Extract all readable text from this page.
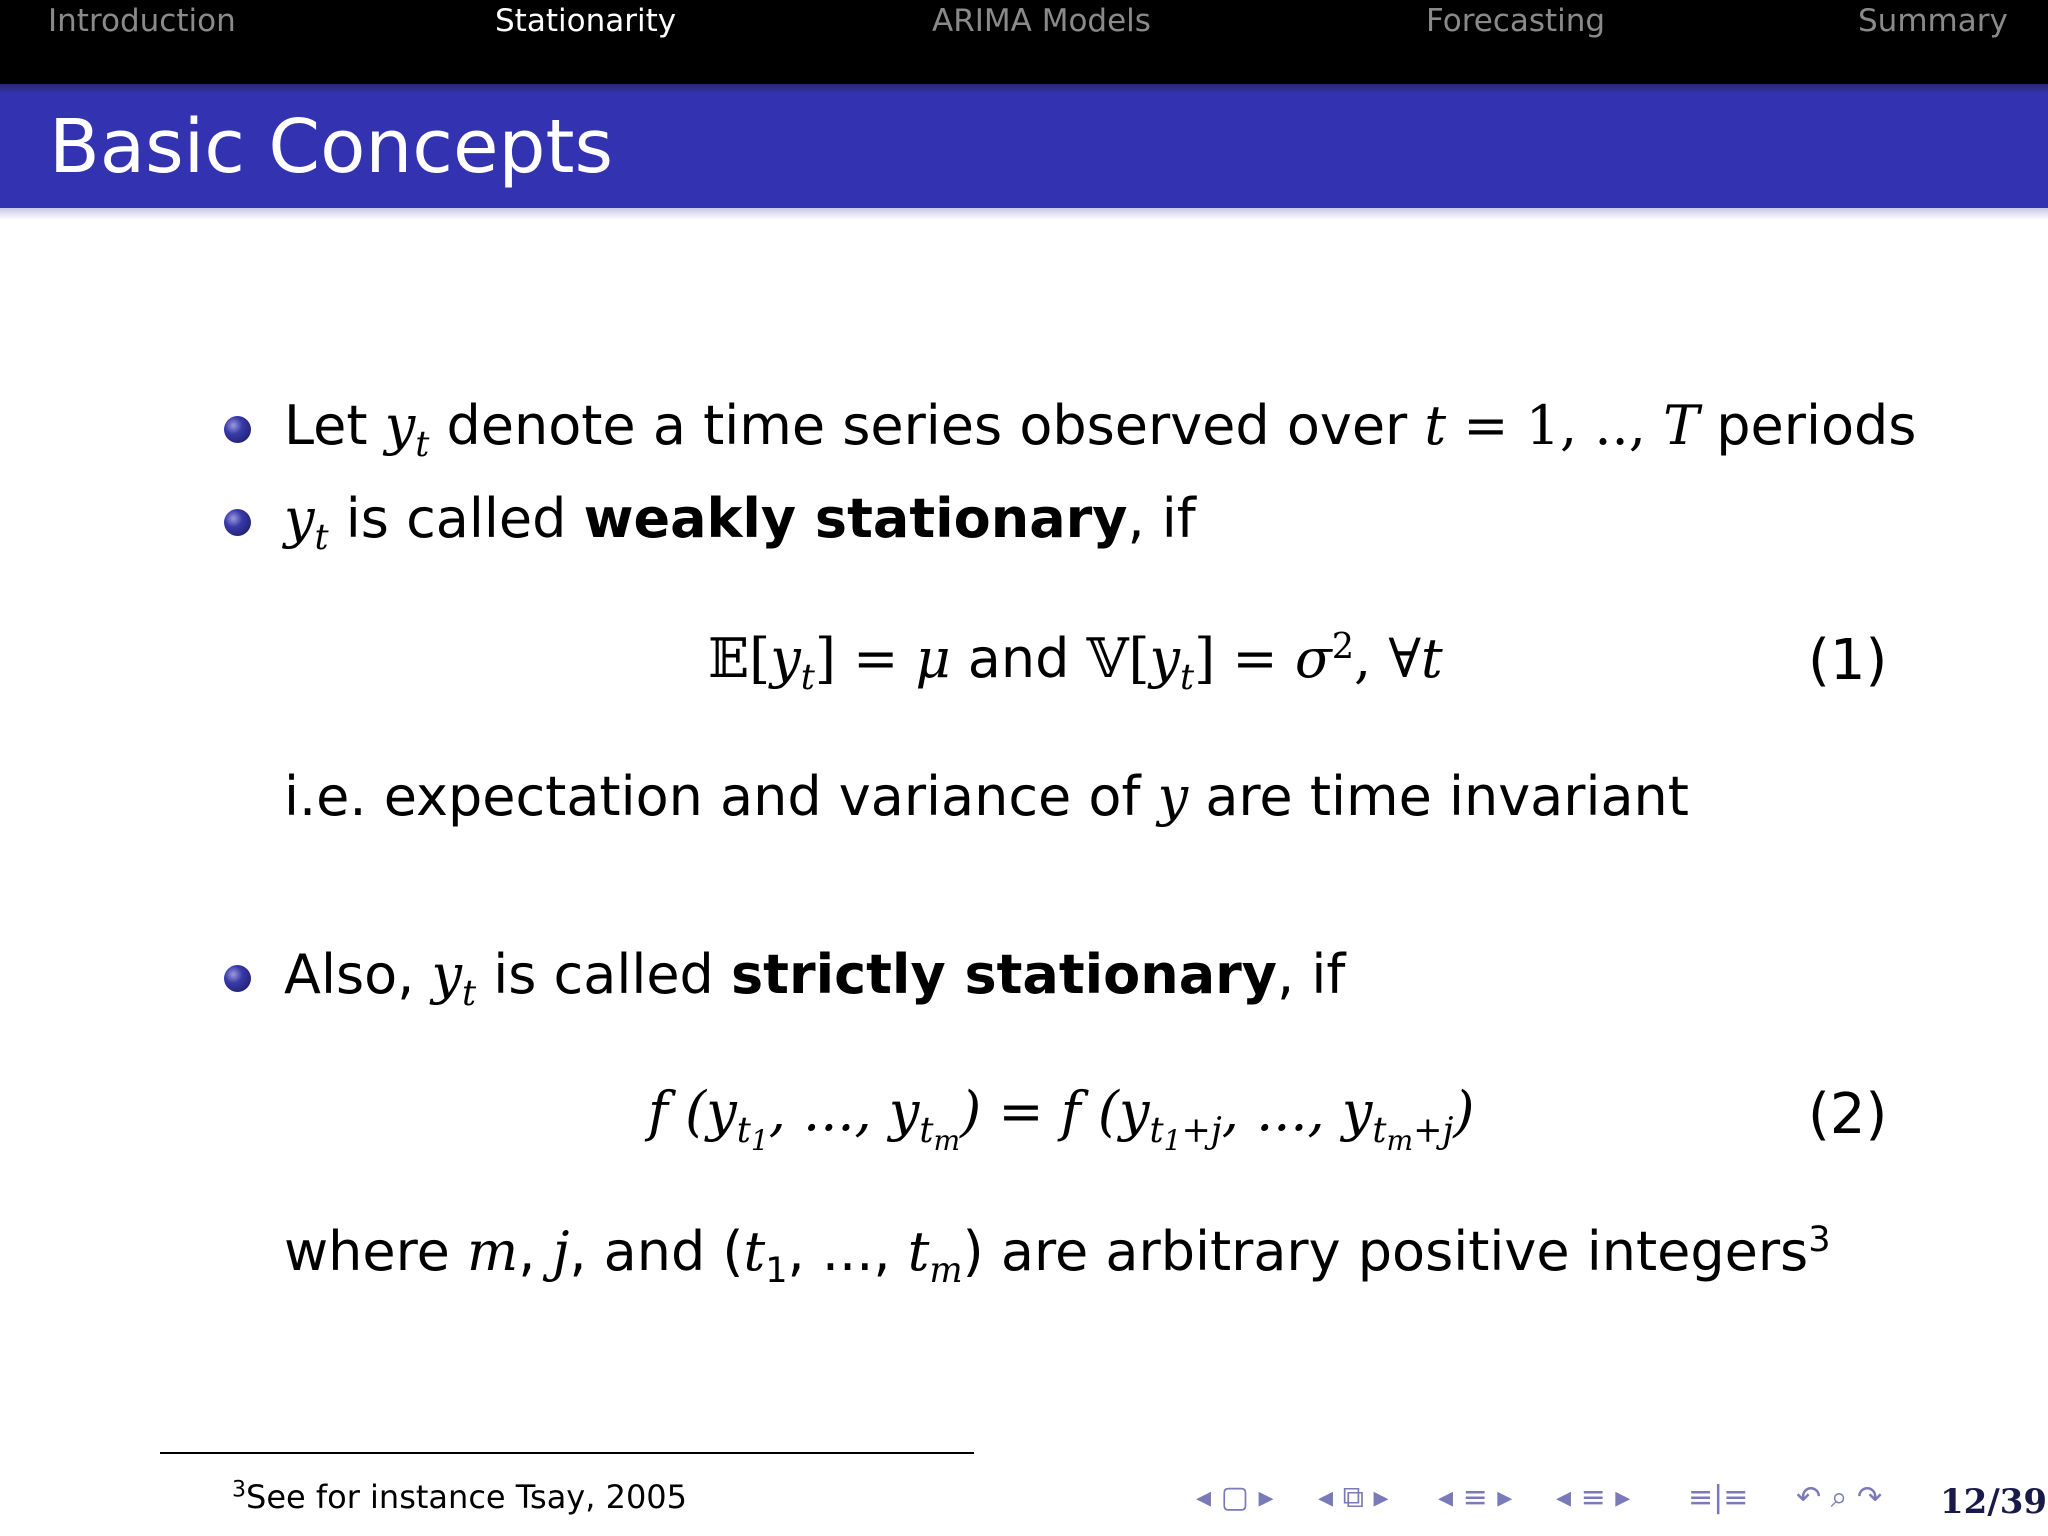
Introduction	Stationarity	ARIMA Models	Forecasting	Summary
Basic Concepts
Let $y_t$ denote a time series observed over t = 1, .., T periods
$y_t$ is called weakly stationary, if
$𝔼[y_t] = \mu$ and $𝕍[y_t] = \sigma^2$, ∀t	(1)
i.e. expectation and variance of y are time invariant
Also, $y_t$ is called strictly stationary, if
f ($y_{t_1}$, ..., $y_{t_m}) = f$ ($y_{t_1+j}$, ..., $y_{t_m+j}$)	(2)
where m, j, and ($t_1$, ..., $t_m$) are arbitrary positive integers$^3$
$^3$See for instance Tsay, 2005	◂ ▢ ▸ ◂ ⧉ ▸ ◂ ≡ ▸ ◂ ≡ ▸ ≡|≡ ↶ ⌕ ↷ 12/39
